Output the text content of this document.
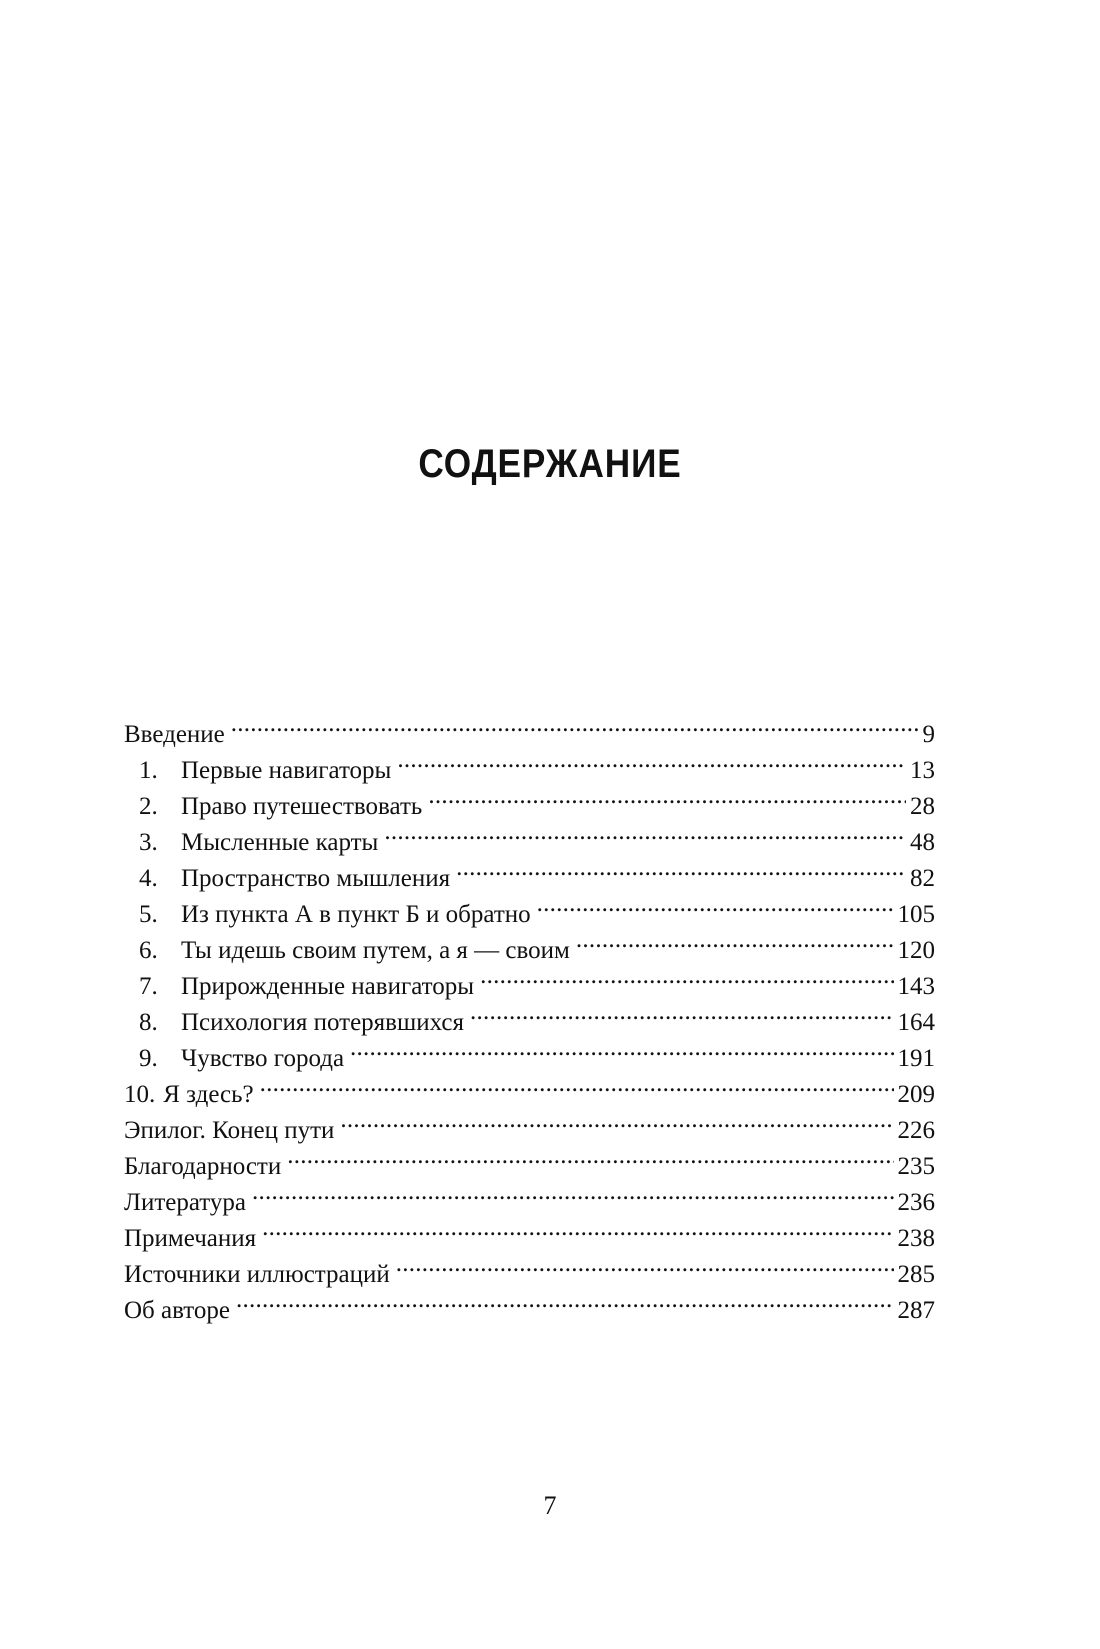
СОДЕРЖАНИЕ
Введение . . .	9
1. Первые навигаторы . . .	13
2. Право путешествовать . . .	28
3. Мысленные карты . . .	48
4. Пространство мышления . . .	82
5. Из пункта А в пункт Б и обратно . . .	105
6. Ты идешь своим путем, а я — своим . . .	120
7. Прирожденные навигаторы . . .	143
8. Психология потерявшихся . . .	164
9. Чувство города . . .	191
10. Я здесь? . . .	209
Эпилог. Конец пути . . .	226
Благодарности . . .	235
Литература . . .	236
Примечания . . .	238
Источники иллюстраций . . .	285
Об авторе . . .	287
7
